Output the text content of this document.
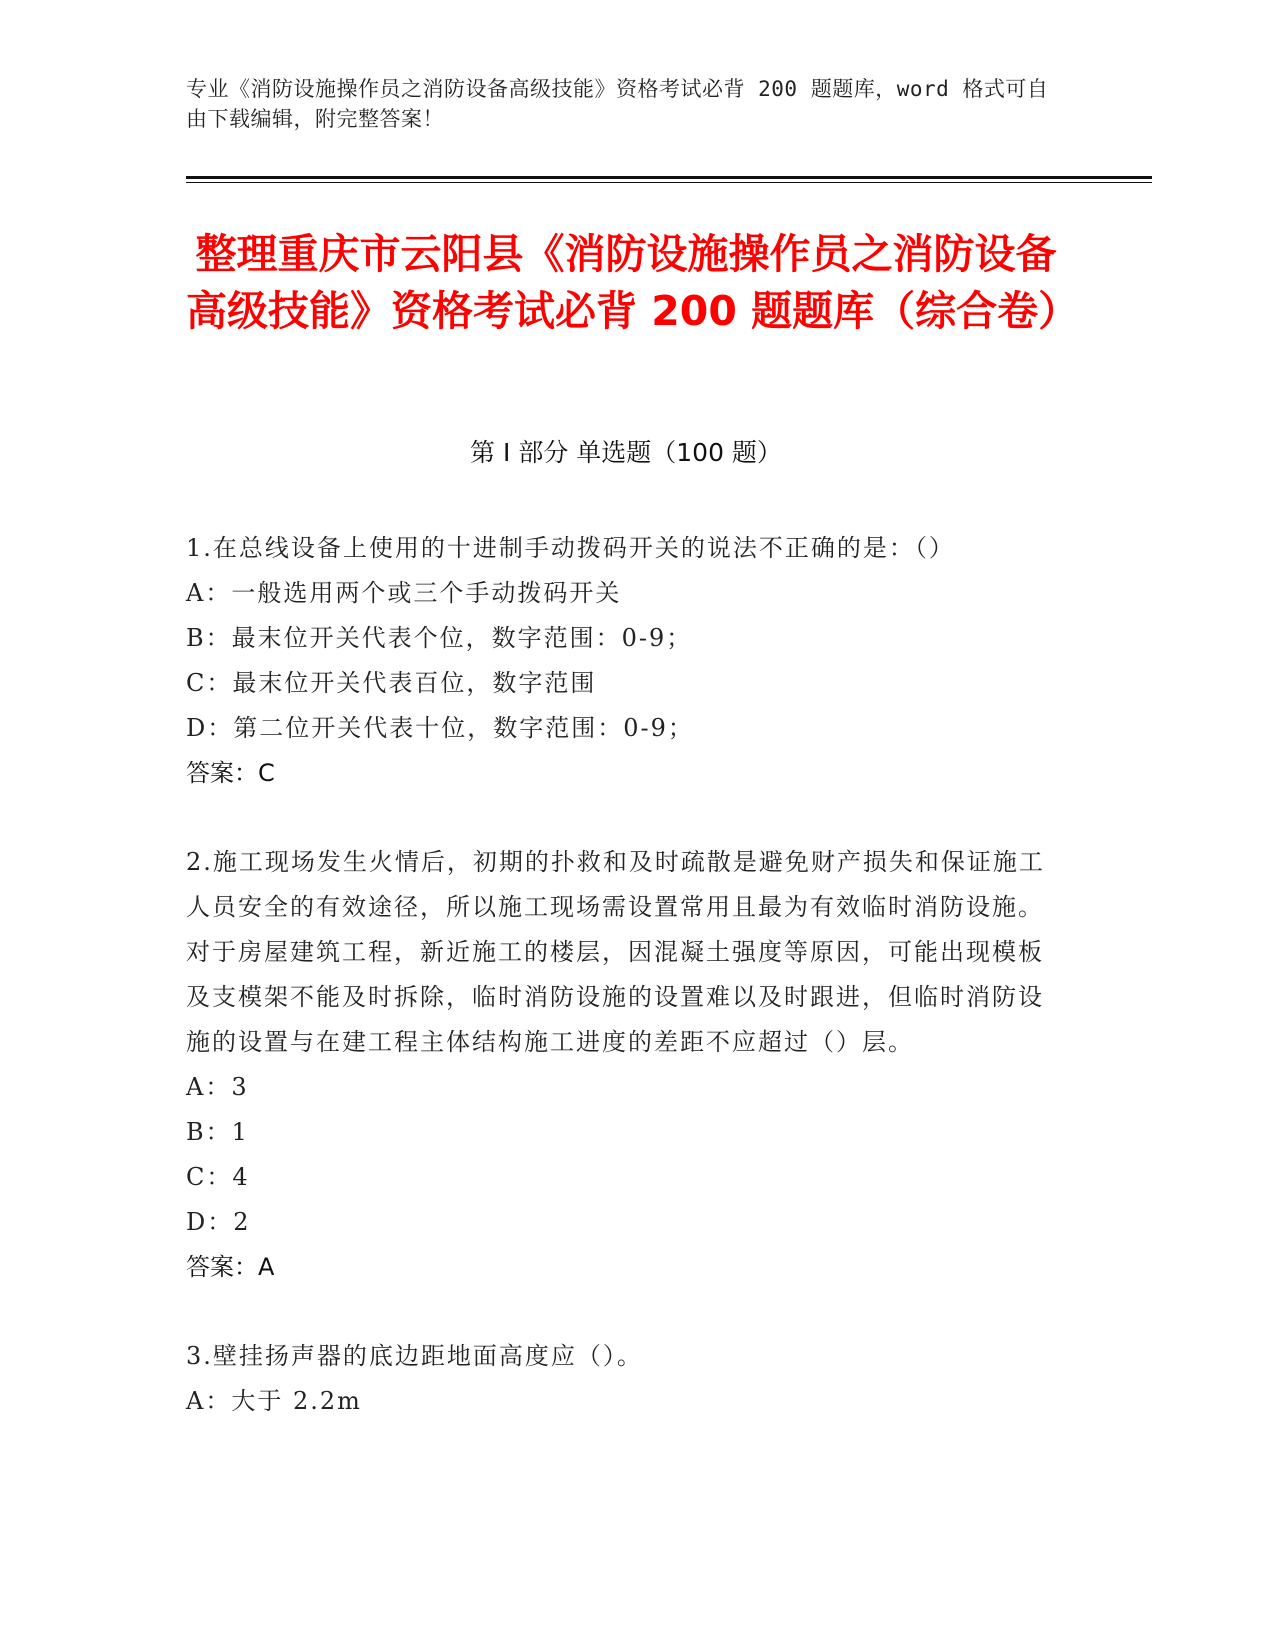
专业《消防设施操作员之消防设备高级技能》资格考试必背 200 题题库，word 格式可自由下载编辑，附完整答案！
整理重庆市云阳县《消防设施操作员之消防设备高级技能》资格考试必背 200 题题库（综合卷）
第 I 部分 单选题（100 题）
1.在总线设备上使用的十进制手动拨码开关的说法不正确的是：（）
A：一般选用两个或三个手动拨码开关
B：最末位开关代表个位，数字范围：0-9；
C：最末位开关代表百位，数字范围
D：第二位开关代表十位，数字范围：0-9；
答案：C
2.施工现场发生火情后，初期的扑救和及时疏散是避免财产损失和保证施工人员安全的有效途径，所以施工现场需设置常用且最为有效临时消防设施。对于房屋建筑工程，新近施工的楼层，因混凝土强度等原因，可能出现模板及支模架不能及时拆除，临时消防设施的设置难以及时跟进，但临时消防设施的设置与在建工程主体结构施工进度的差距不应超过（）层。
A：3
B：1
C：4
D：2
答案：A
3.壁挂扬声器的底边距地面高度应（）。
A：大于 2.2m
